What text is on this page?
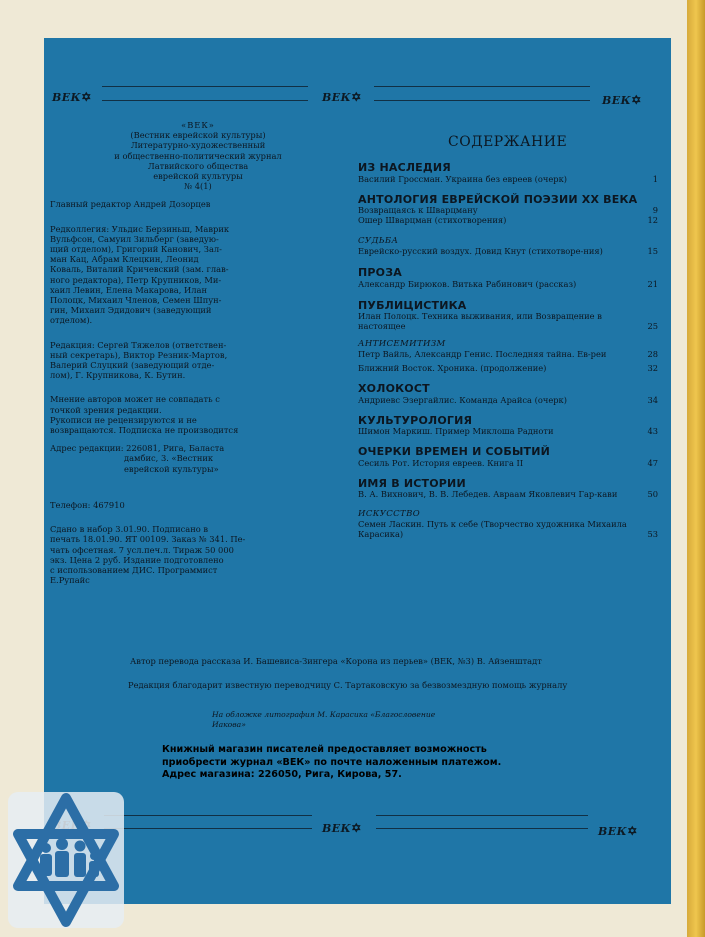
ВЕК✡	ВЕК✡	ВЕК✡
«ВЕК»
(Вестник еврейской культуры)
Литературно-художественный
и общественно-политический журнал
Латвийского общества
еврейской культуры
№ 4(1)
Главный редактор Андрей Дозорцев
Редколлегия: Ульдис Берзиньш, Маврик
Вульфсон, Самуил Зильберг (заведую-
щий отделом), Григорий Канович, Зал-
ман Кац, Абрам Клецкин, Леонид
Коваль, Виталий Кричевский (зам. глав-
ного редактора), Петр Крупников, Ми-
хаил Левин, Елена Макарова, Илан
Полоцк, Михаил Членов, Семен Шпун-
гин, Михаил Эдидович (заведующий
отделом).
Редакция: Сергей Тяжелов (ответствен-
ный секретарь), Виктор Резник-Мартов,
Валерий Слуцкий (заведующий отде-
лом), Г. Крупникова, К. Бутин.
Мнение авторов может не совпадать с
точкой зрения редакции.
Рукописи не рецензируются и не
возвращаются. Подписка не производится
Адрес редакции: 226081, Рига, Баласта
дамбис, 3. «Вестник
еврейской культуры»
Телефон: 467910
Сдано в набор 3.01.90. Подписано в
печать 18.01.90. ЯТ 00109. Заказ № 341. Пе-
чать офсетная. 7 усл.печ.л. Тираж 50 000
экз. Цена 2 руб. Издание подготовлено
с использованием ДИС. Программист
Е.Рупайс
СОДЕРЖАНИЕ
ИЗ НАСЛЕДИЯ
Василий Гроссман. Украина без евреев (очерк)	1
АНТОЛОГИЯ ЕВРЕЙСКОЙ ПОЭЗИИ XX ВЕКА
Возвращаясь к Шварцману	9
Ошер Шварцман (стихотворения)	12
СУДЬБА
Еврейско-русский воздух. Довид Кнут (стихотворе-ния)	15
ПРОЗА
Александр Бирюков. Витька Рабинович (рассказ)	21
ПУБЛИЦИСТИКА
Илан Полоцк. Техника выживания, или Возвращение в настоящее	25
АНТИСЕМИТИЗМ
Петр Вайль, Александр Генис. Последняя тайна. Ев-реи	28
Ближний Восток. Хроника. (продолжение)	32
ХОЛОКОСТ
Андриевс Эзергайлис. Команда Арайса (очерк)	34
КУЛЬТУРОЛОГИЯ
Шимон Маркиш. Пример Миклоша Радноти	43
ОЧЕРКИ ВРЕМЕН И СОБЫТИЙ
Сесиль Рот. История евреев. Книга II	47
ИМЯ В ИСТОРИИ
В. А. Вихнович, В. В. Лебедев. Авраам Яковлевич Гар-кави	50
ИСКУССТВО
Семен Ласкин. Путь к себе (Творчество художника Михаила Карасика)	53
Автор перевода рассказа И. Башевиса-Зингера «Корона из перьев» (ВЕК, №3) В. Айзенштадт
Редакция благодарит известную переводчицу С. Тартаковскую за безвозмездную помощь журналу
На обложке литография М. Карасика «Благословение
Иакова»
Книжный магазин писателей предоставляет возможность
приобрести журнал «ВЕК» по почте наложенным платежом.
Адрес магазина: 226050, Рига, Кирова, 57.
ВЕК✡	ВЕК✡
